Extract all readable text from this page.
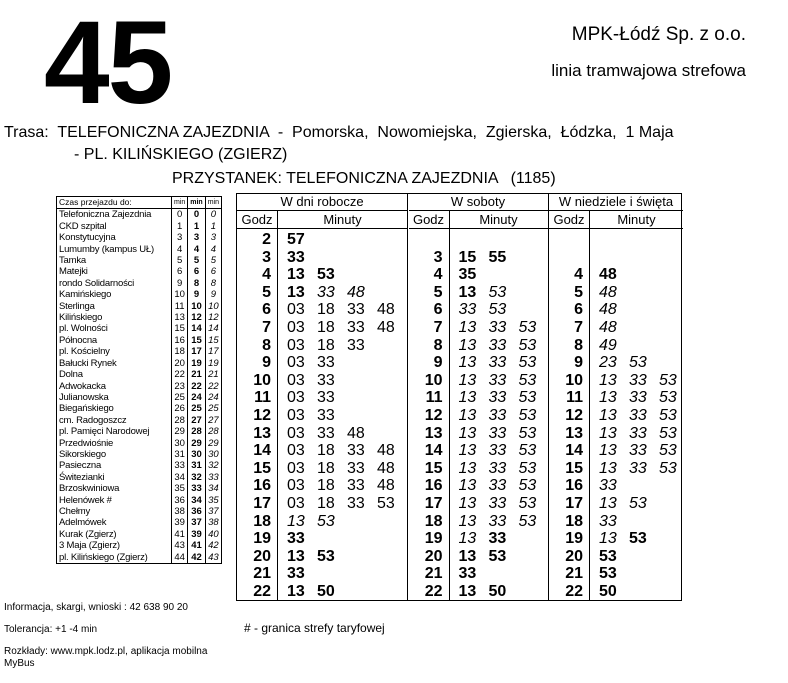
45	MPK-Łódź Sp. z o.o.
linia tramwajowa strefowa
Trasa:  TELEFONICZNA ZAJEZDNIA  -  Pomorska,  Nowomiejska,  Zgierska,  Łódzka,  1 Maja
- PL. KILIŃSKIEGO (ZGIERZ)
PRZYSTANEK: TELEFONICZNA ZAJEZDNIA (1185)
Czas przejazdu do:	min	min	min
Telefoniczna Zajezdnia	0	0	0
CKD szpital	1	1	1
Konstytucyjna	3	3	3
Lumumby (kampus UŁ)	4	4	4
Tamka	5	5	5
Matejki	6	6	6
rondo Solidarności	9	8	8
Kamińskiego	10	9	9
Sterlinga	11	10	10
Kilińskiego	13	12	12
pl. Wolności	15	14	14
Północna	16	15	15
pl. Kościelny	18	17	17
Bałucki Rynek	20	19	19
Dolna	22	21	21
Adwokacka	23	22	22
Julianowska	25	24	24
Biegańskiego	26	25	25
cm. Radogoszcz	28	27	27
pl. Pamięci Narodowej	29	28	28
Przedwiośnie	30	29	29
Sikorskiego	31	30	30
Pasieczna	33	31	32
Świtezianki	34	32	33
Brzoskwiniowa	35	33	34
Helenówek #	36	34	35
Chełmy	38	36	37
Adelmówek	39	37	38
Kurak (Zgierz)	41	39	40
3 Maja (Zgierz)	43	41	42
pl. Kilińskiego (Zgierz)	44	42	43
W dni robocze
Godz	Minuty
2 57
3 33
4 13 53
5 13 33 48
6 03 18 33 48
7 03 18 33 48
8 03 18 33
9 03 33
10 03 33
11 03 33
12 03 33
13 03 33 48
14 03 18 33 48
15 03 18 33 48
16 03 18 33 48
17 03 18 33 53
18 13 53
19 33
20 13 53
21 33
22 13 50
W soboty
Godz	Minuty
3 15 55
4 35
5 13 53
6 33 53
7 13 33 53
8 13 33 53
9 13 33 53
10 13 33 53
11 13 33 53
12 13 33 53
13 13 33 53
14 13 33 53
15 13 33 53
16 13 33 53
17 13 33 53
18 13 33 53
19 13 33
20 13 53
21 33
22 13 50
W niedziele i święta
Godz	Minuty
4 48
5 48
6 48
7 48
8 49
9 23 53
10 13 33 53
11 13 33 53
12 13 33 53
13 13 33 53
14 13 33 53
15 13 33 53
16 33
17 13 53
18 33
19 13 53
20 53
21 53
22 50
Informacja, skargi, wnioski : 42 638 90 20
Tolerancja: +1 -4 min
Rozkłady: www.mpk.lodz.pl, aplikacja mobilna MyBus
# - granica strefy taryfowej
